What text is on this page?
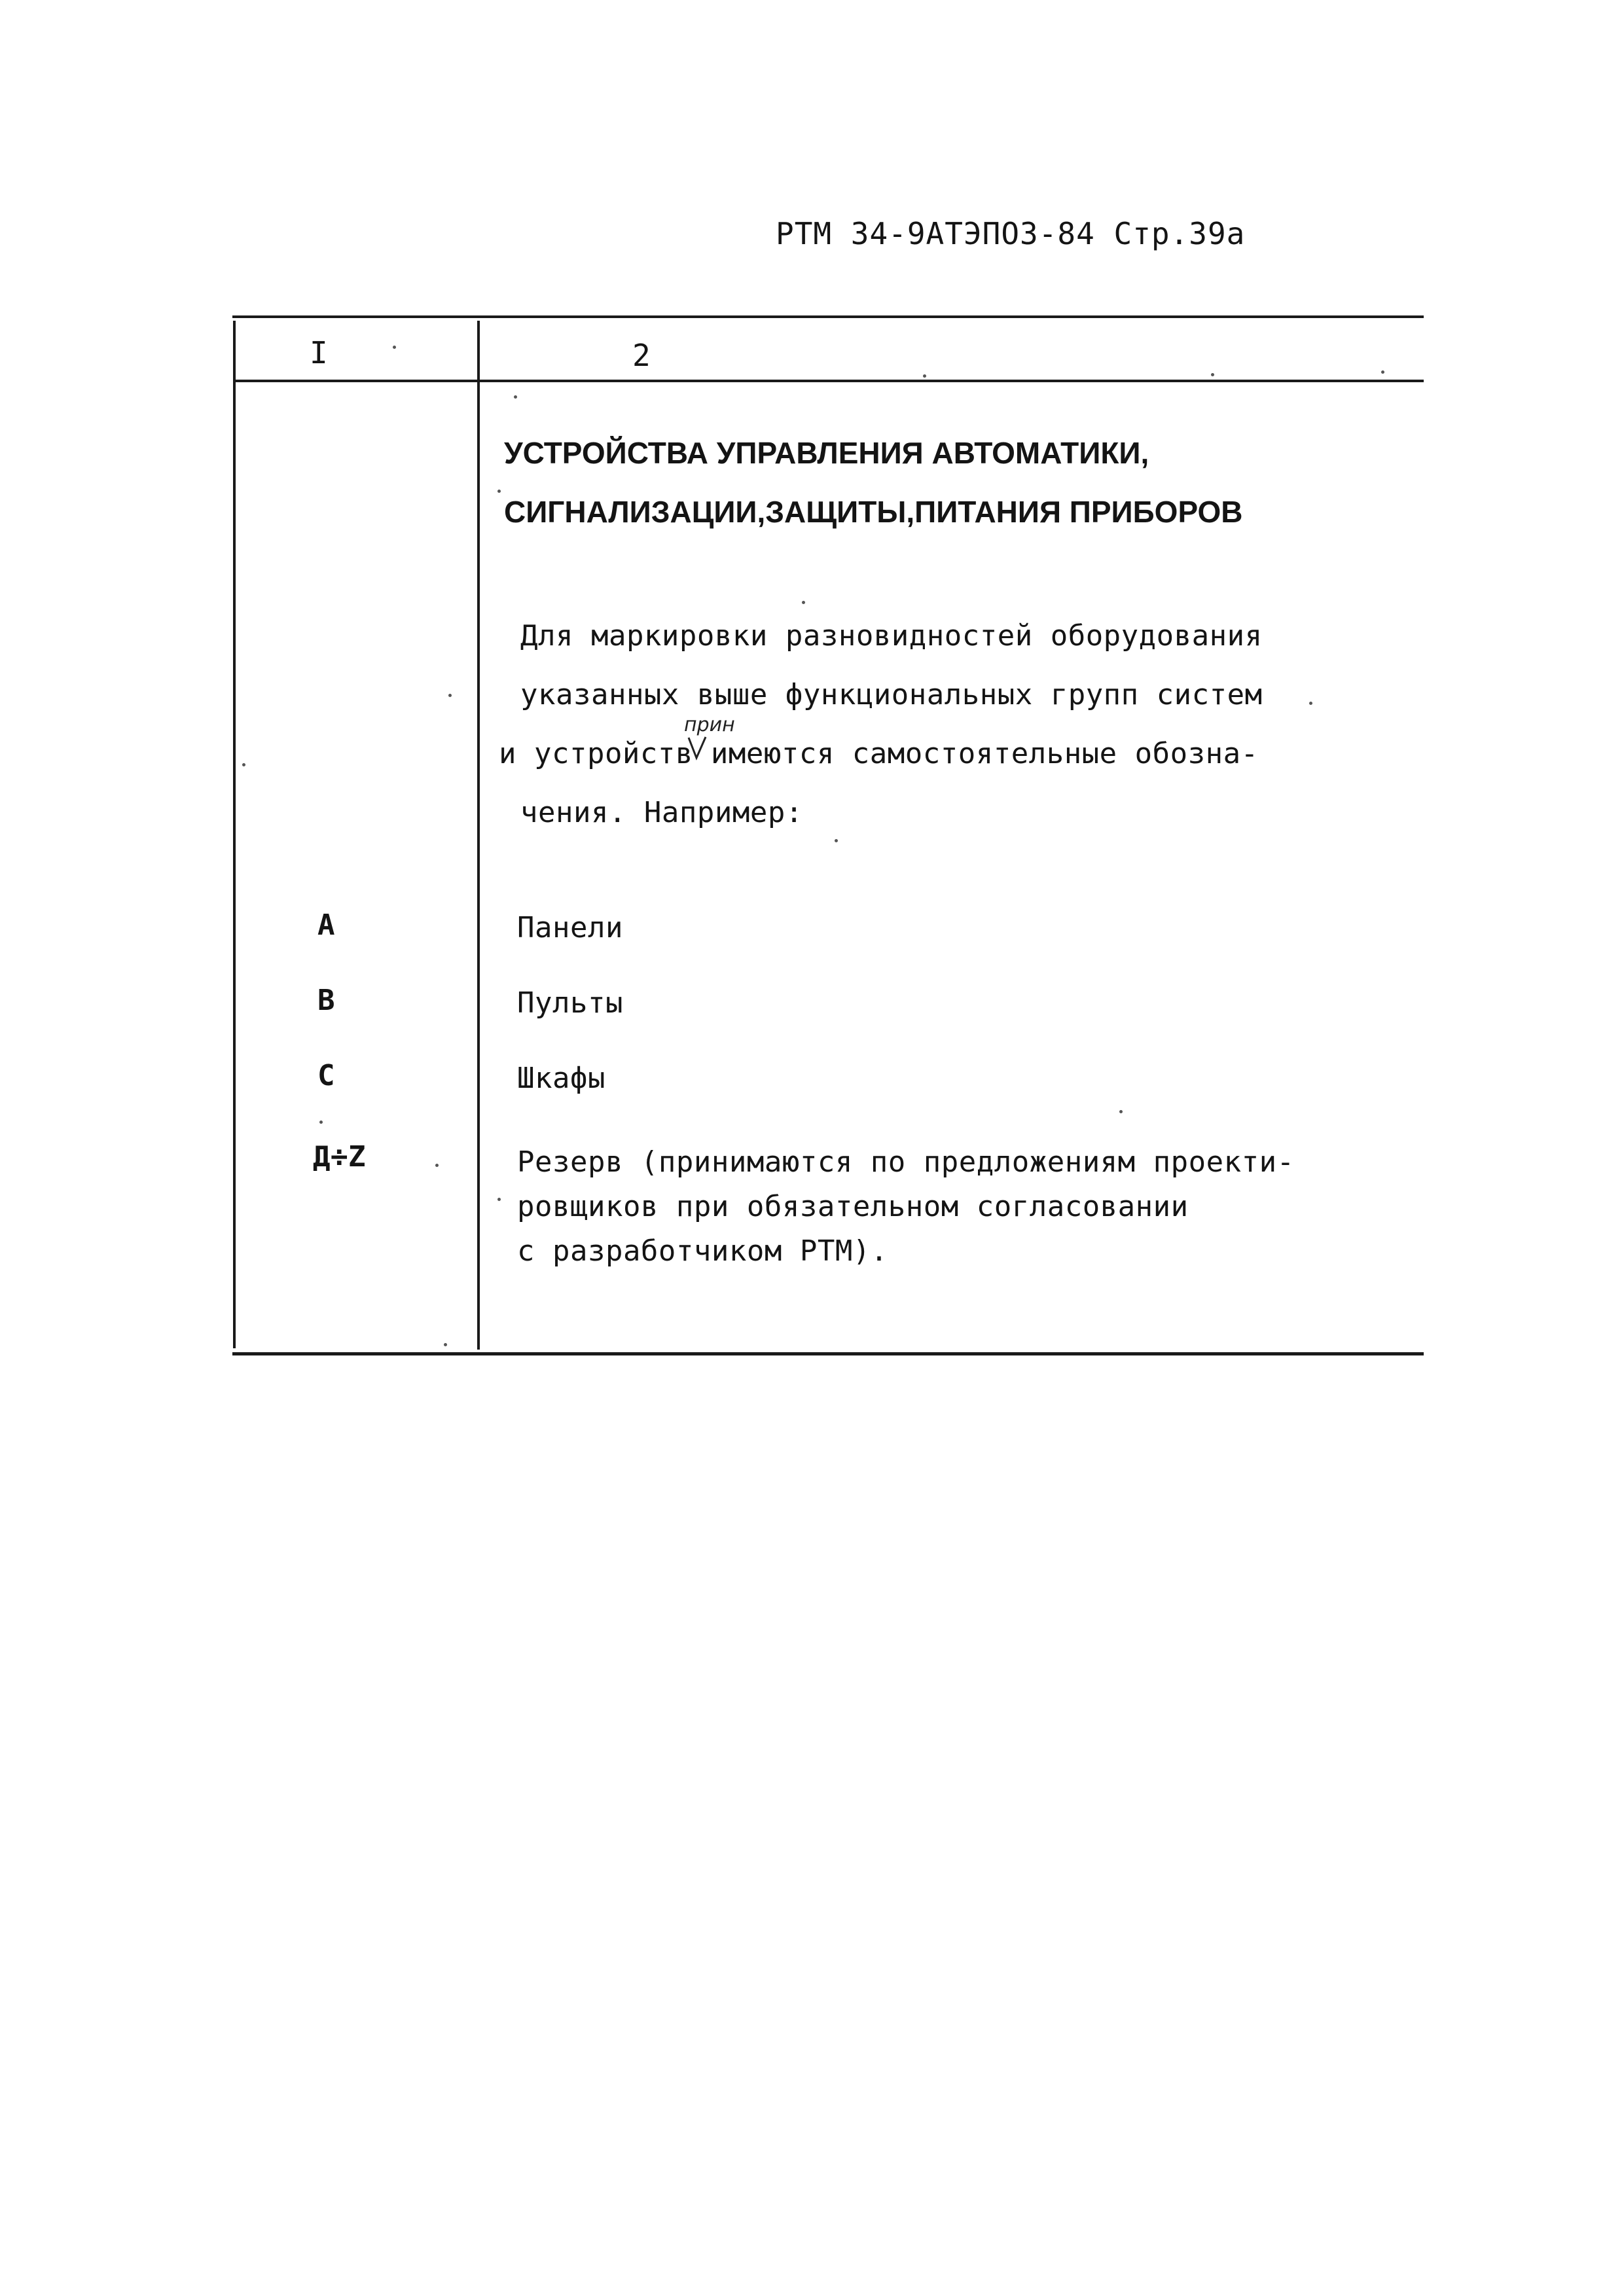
РТМ 34-9АТЭПО3-84 Стр.39а
I	2
УСТРОЙСТВА УПРАВЛЕНИЯ АВТОМАТИКИ,
СИГНАЛИЗАЦИИ,ЗАЩИТЫ,ПИТАНИЯ ПРИБОРОВ
Для маркировки разновидностей оборудования
указанных выше функциональных групп систем
прин
и устройств имеются самостоятельные обозна-
чения. Например:
А	Панели
В	Пульты
С	Шкафы
Д÷Z	Резерв (принимаются по предложениям проекти-
ровщиков при обязательном согласовании
с разработчиком РТМ).
